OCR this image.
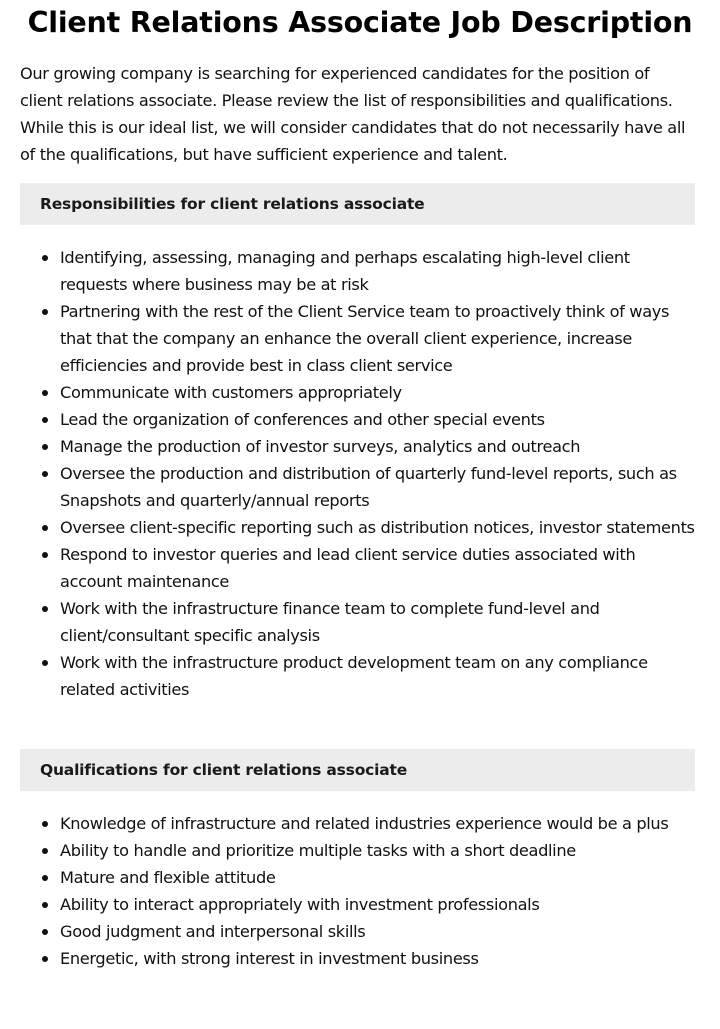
Client Relations Associate Job Description

Our growing company is searching for experienced candidates for the position of client relations associate. Please review the list of responsibilities and qualifications. While this is our ideal list, we will consider candidates that do not necessarily have all of the qualifications, but have sufficient experience and talent.

Responsibilities for client relations associate
Identifying, assessing, managing and perhaps escalating high-level client requests where business may be at risk
Partnering with the rest of the Client Service team to proactively think of ways that that the company an enhance the overall client experience, increase efficiencies and provide best in class client service
Communicate with customers appropriately
Lead the organization of conferences and other special events
Manage the production of investor surveys, analytics and outreach
Oversee the production and distribution of quarterly fund-level reports, such as Snapshots and quarterly/annual reports
Oversee client-specific reporting such as distribution notices, investor statements
Respond to investor queries and lead client service duties associated with account maintenance
Work with the infrastructure finance team to complete fund-level and client/consultant specific analysis
Work with the infrastructure product development team on any compliance related activities
Qualifications for client relations associate
Knowledge of infrastructure and related industries experience would be a plus
Ability to handle and prioritize multiple tasks with a short deadline
Mature and flexible attitude
Ability to interact appropriately with investment professionals
Good judgment and interpersonal skills
Energetic, with strong interest in investment business
